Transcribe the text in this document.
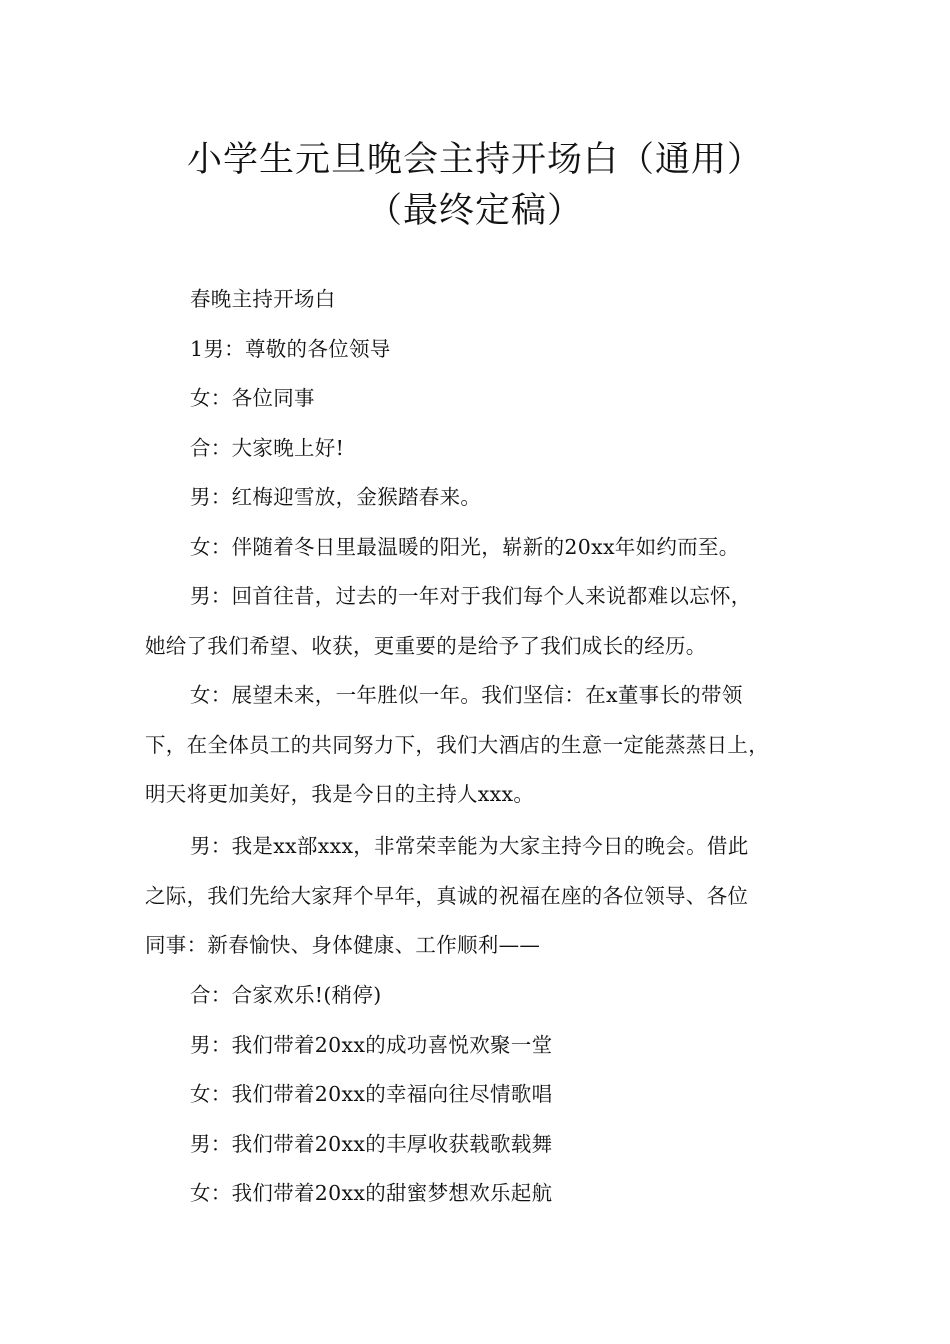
小学生元旦晚会主持开场白（通用）
（最终定稿）
春晚主持开场白
1男：尊敬的各位领导
女：各位同事
合：大家晚上好!
男：红梅迎雪放，金猴踏春来。
女：伴随着冬日里最温暖的阳光，崭新的20xx年如约而至。
男：回首往昔，过去的一年对于我们每个人来说都难以忘怀，
她给了我们希望、收获，更重要的是给予了我们成长的经历。
女：展望未来，一年胜似一年。我们坚信：在x董事长的带领
下，在全体员工的共同努力下，我们大酒店的生意一定能蒸蒸日上，
明天将更加美好，我是今日的主持人xxx。
男：我是xx部xxx，非常荣幸能为大家主持今日的晚会。借此
之际，我们先给大家拜个早年，真诚的祝福在座的各位领导、各位
同事：新春愉快、身体健康、工作顺利——
合：合家欢乐!(稍停)
男：我们带着20xx的成功喜悦欢聚一堂
女：我们带着20xx的幸福向往尽情歌唱
男：我们带着20xx的丰厚收获载歌载舞
女：我们带着20xx的甜蜜梦想欢乐起航
